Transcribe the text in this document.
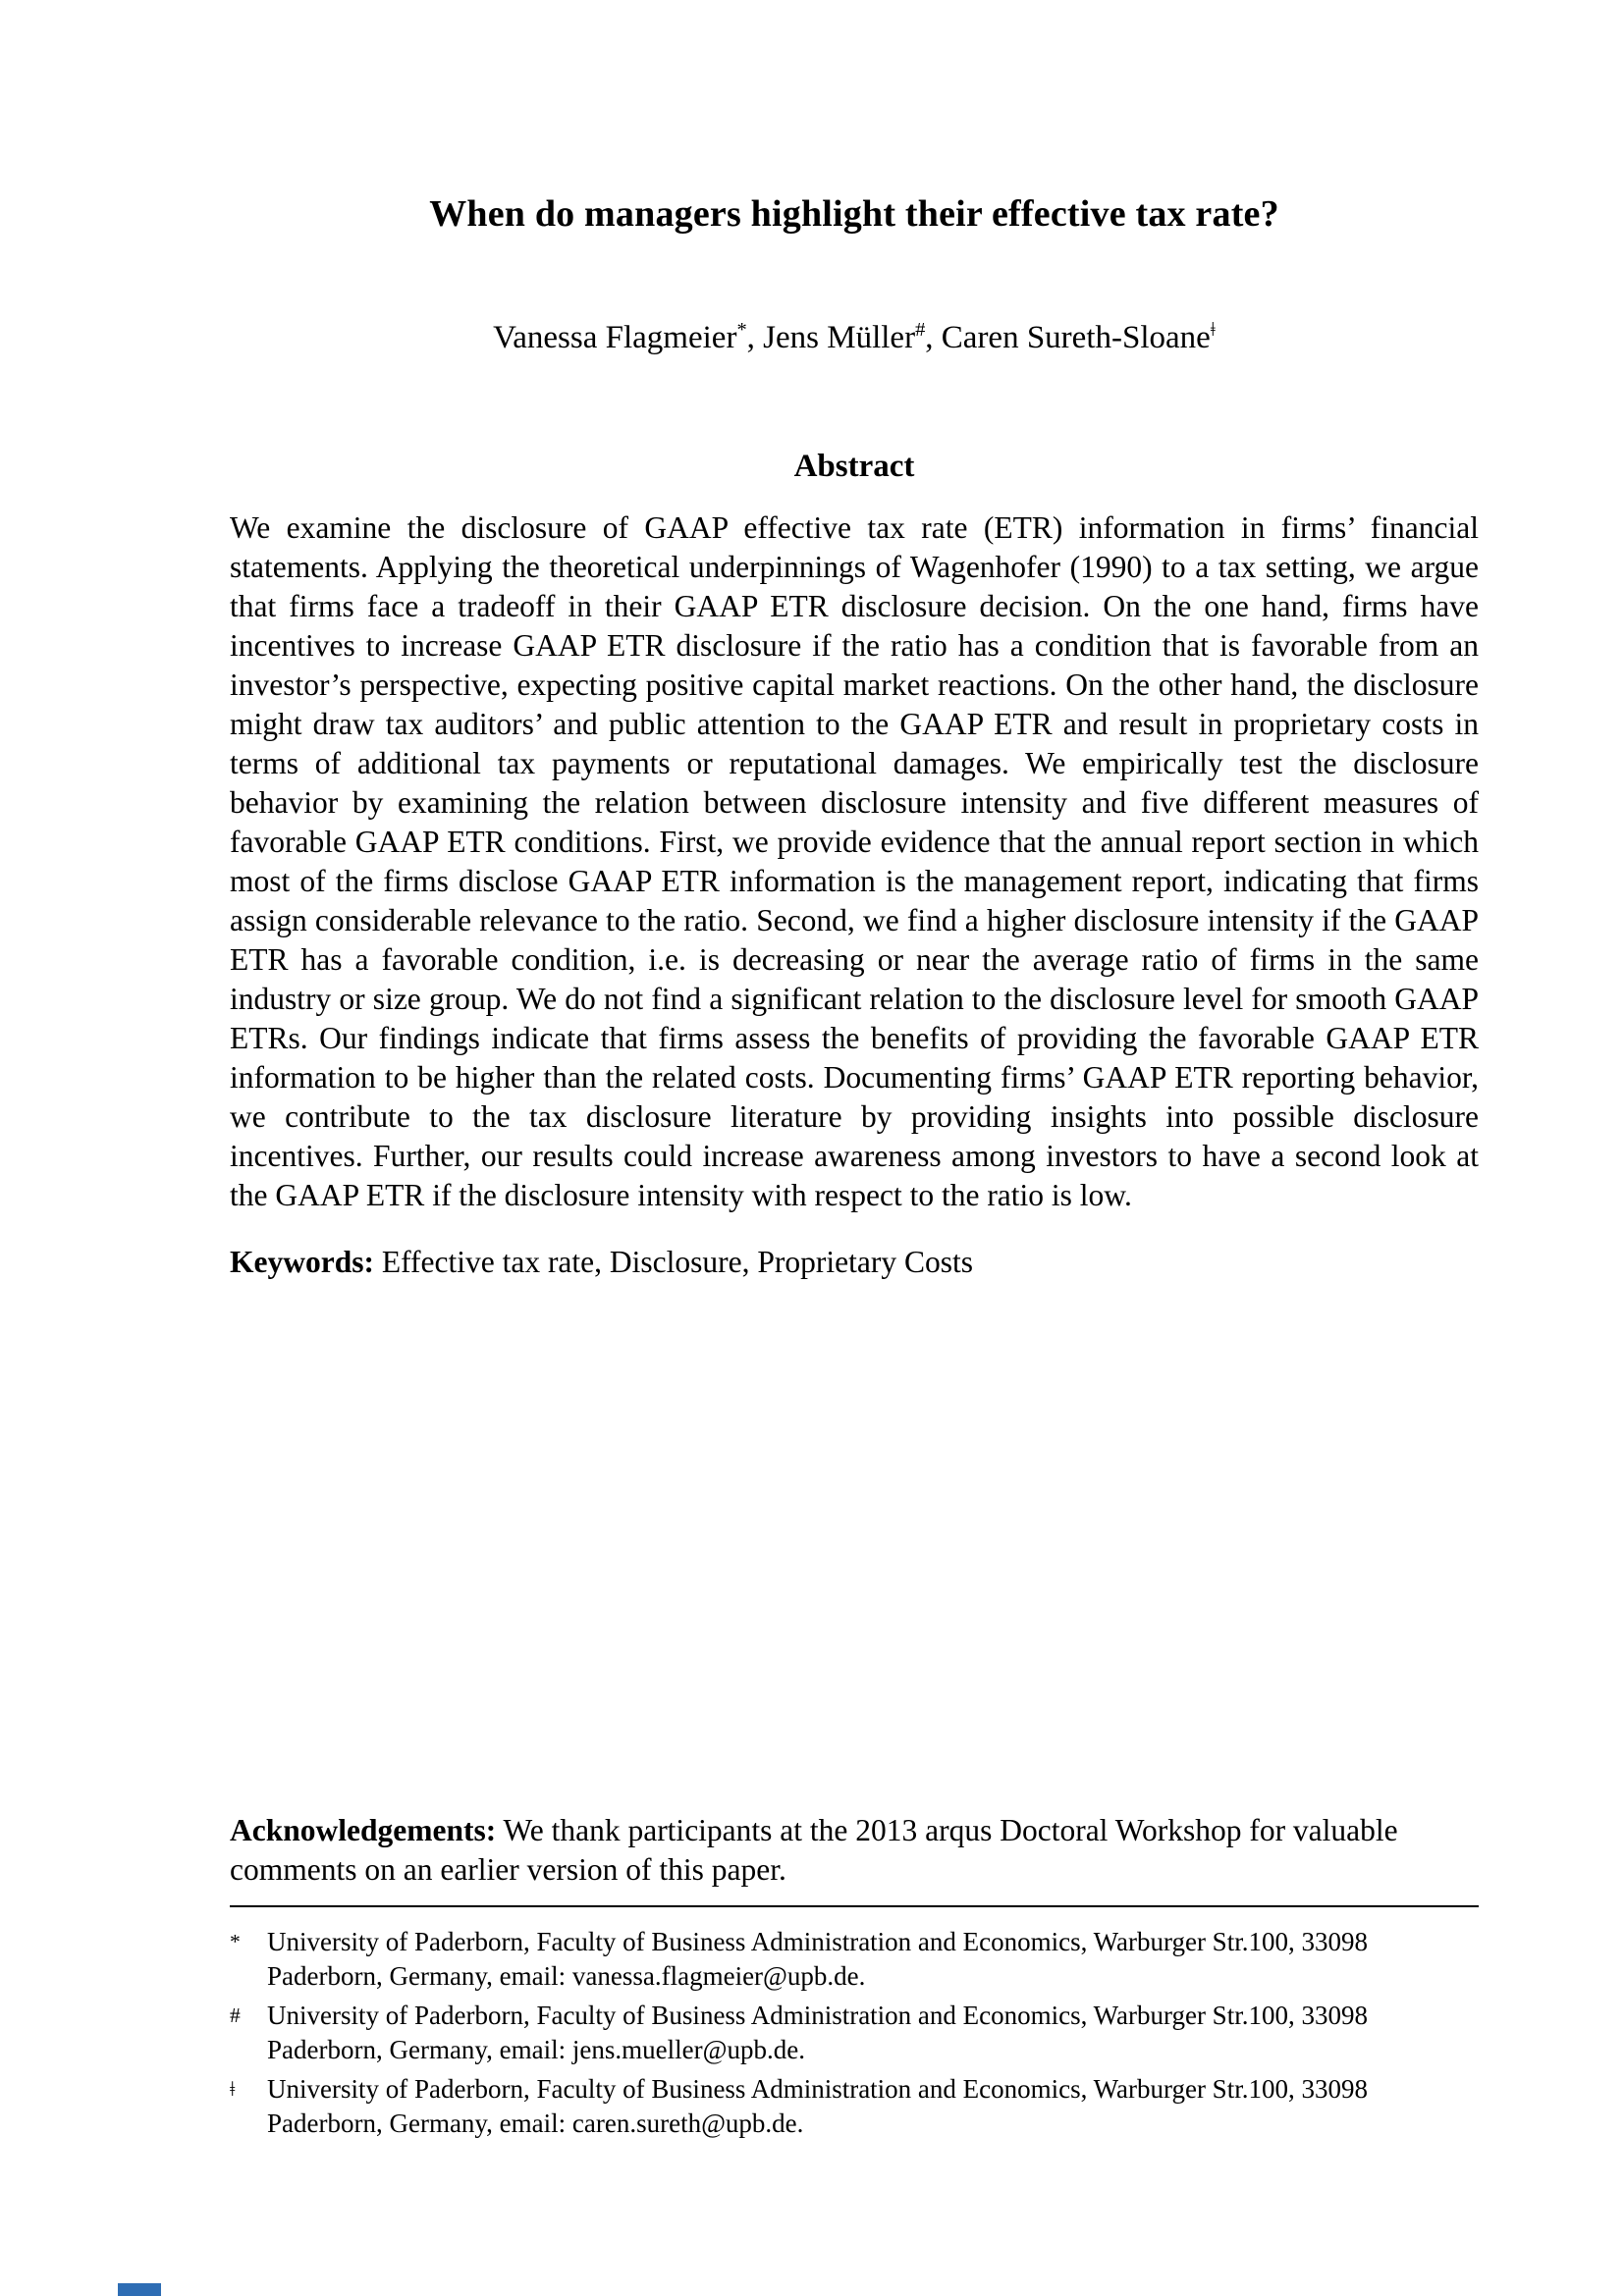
When do managers highlight their effective tax rate?
Vanessa Flagmeier*, Jens Müller#, Caren Sureth-Sloane$^ǂ$
Abstract
We examine the disclosure of GAAP effective tax rate (ETR) information in firms’ financial statements. Applying the theoretical underpinnings of Wagenhofer (1990) to a tax setting, we argue that firms face a tradeoff in their GAAP ETR disclosure decision. On the one hand, firms have incentives to increase GAAP ETR disclosure if the ratio has a condition that is favorable from an investor’s perspective, expecting positive capital market reactions. On the other hand, the disclosure might draw tax auditors’ and public attention to the GAAP ETR and result in proprietary costs in terms of additional tax payments or reputational damages. We empirically test the disclosure behavior by examining the relation between disclosure intensity and five different measures of favorable GAAP ETR conditions. First, we provide evidence that the annual report section in which most of the firms disclose GAAP ETR information is the management report, indicating that firms assign considerable relevance to the ratio. Second, we find a higher disclosure intensity if the GAAP ETR has a favorable condition, i.e. is decreasing or near the average ratio of firms in the same industry or size group. We do not find a significant relation to the disclosure level for smooth GAAP ETRs. Our findings indicate that firms assess the benefits of providing the favorable GAAP ETR information to be higher than the related costs. Documenting firms’ GAAP ETR reporting behavior, we contribute to the tax disclosure literature by providing insights into possible disclosure incentives. Further, our results could increase awareness among investors to have a second look at the GAAP ETR if the disclosure intensity with respect to the ratio is low.
Keywords: Effective tax rate, Disclosure, Proprietary Costs
Acknowledgements: We thank participants at the 2013 arqus Doctoral Workshop for valuable comments on an earlier version of this paper.
*	University of Paderborn, Faculty of Business Administration and Economics, Warburger Str.100, 33098 Paderborn, Germany, email: vanessa.flagmeier@upb.de.
#	University of Paderborn, Faculty of Business Administration and Economics, Warburger Str.100, 33098 Paderborn, Germany, email: jens.mueller@upb.de.
ǂ	University of Paderborn, Faculty of Business Administration and Economics, Warburger Str.100, 33098 Paderborn, Germany, email: caren.sureth@upb.de.
